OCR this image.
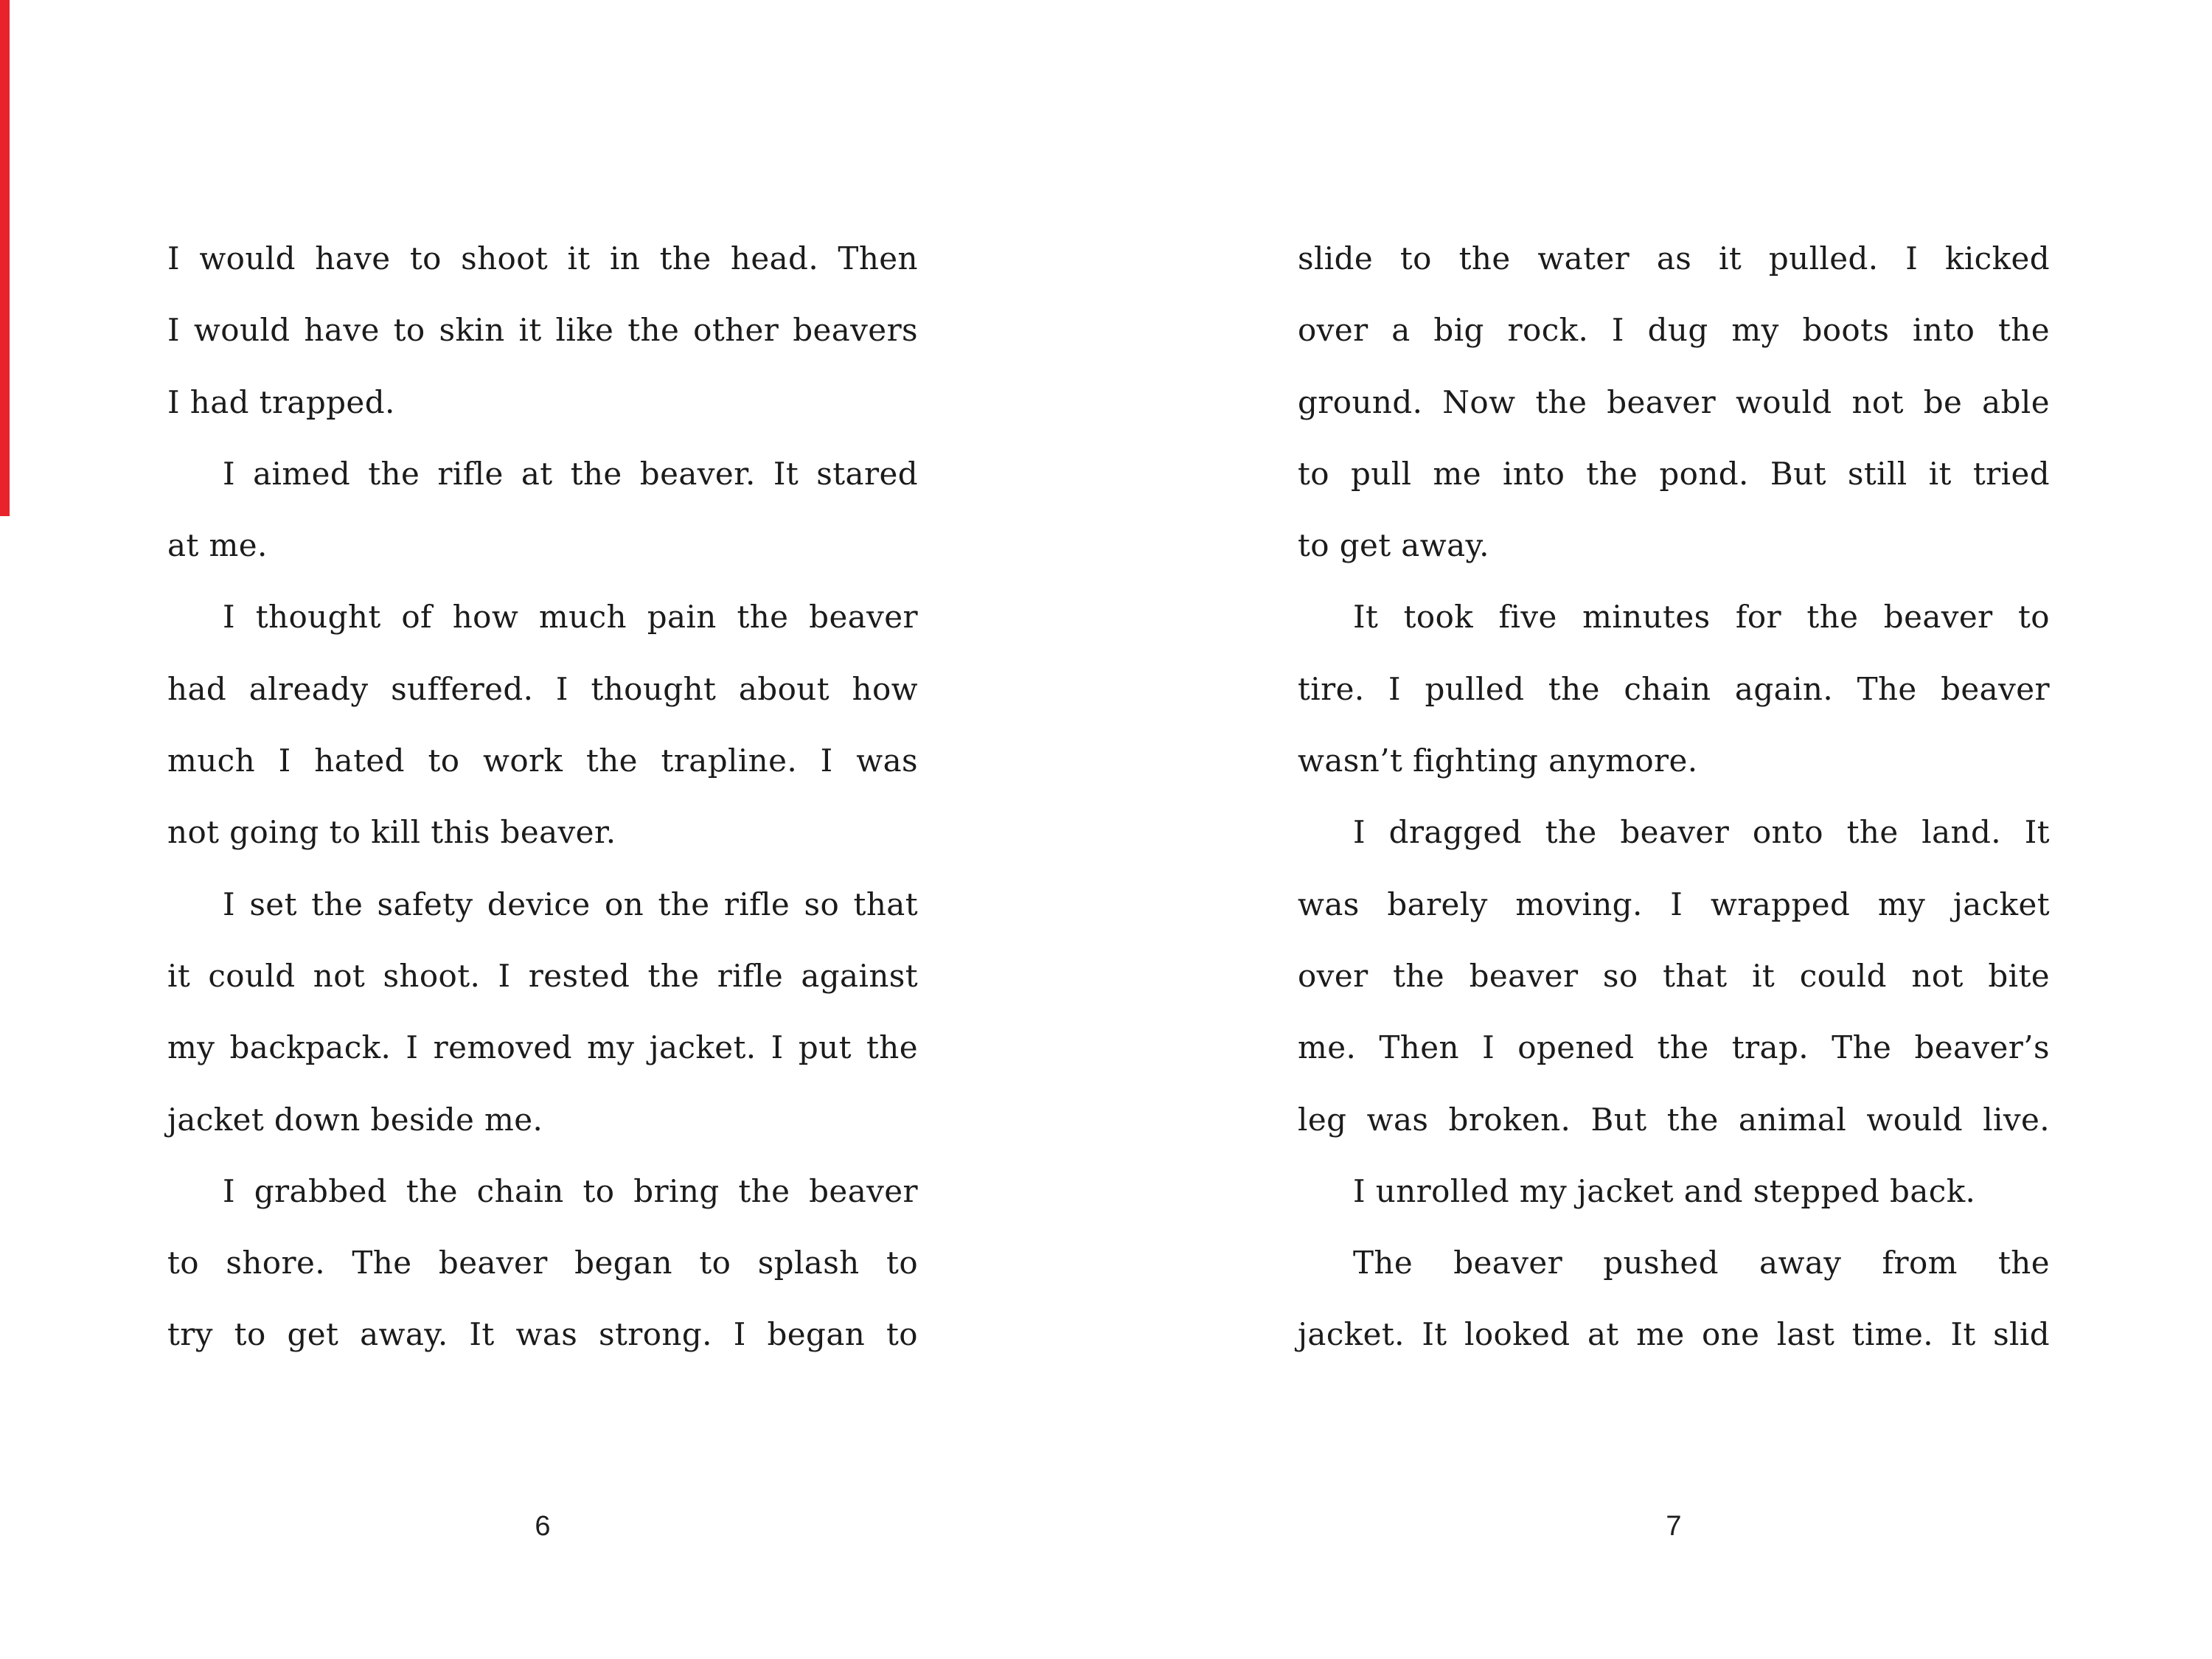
I would have to shoot it in the head. Then
I would have to skin it like the other beavers
I had trapped.
I aimed the rifle at the beaver. It stared
at me.
I thought of how much pain the beaver
had already suffered. I thought about how
much I hated to work the trapline. I was
not going to kill this beaver.
I set the safety device on the rifle so that
it could not shoot. I rested the rifle against
my backpack. I removed my jacket. I put the
jacket down beside me.
I grabbed the chain to bring the beaver
to shore. The beaver began to splash to
try to get away. It was strong. I began to
6
slide to the water as it pulled. I kicked
over a big rock. I dug my boots into the
ground. Now the beaver would not be able
to pull me into the pond. But still it tried
to get away.
It took five minutes for the beaver to
tire. I pulled the chain again. The beaver
wasn’t fighting anymore.
I dragged the beaver onto the land. It
was barely moving. I wrapped my jacket
over the beaver so that it could not bite
me. Then I opened the trap. The beaver’s
leg was broken. But the animal would live.
I unrolled my jacket and stepped back.
The beaver pushed away from the
jacket. It looked at me one last time. It slid
7
